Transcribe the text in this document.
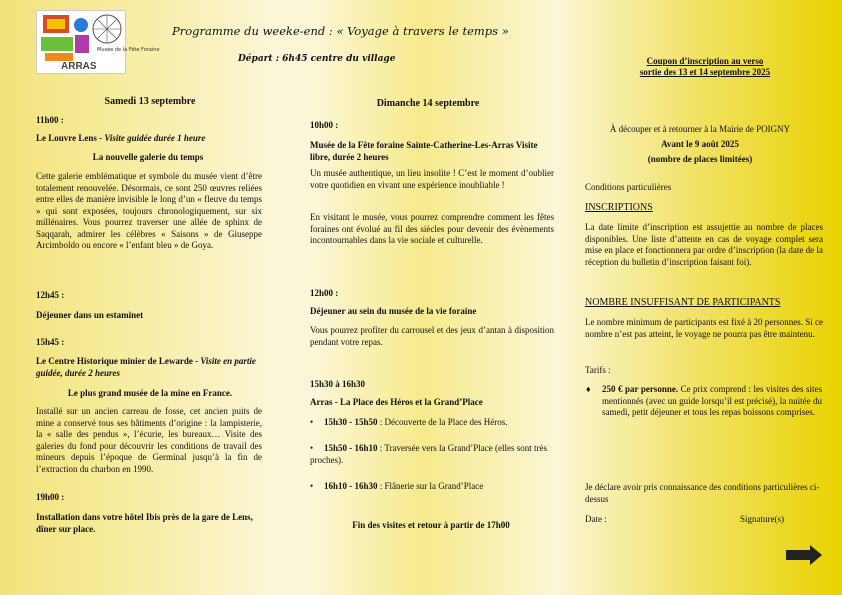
Musée de la Fête Foraine
ARRAS
Programme du weeke-end : « Voyage à travers le temps »
Départ : 6h45 centre du village
Samedi 13 septembre
11h00 :
Le Louvre Lens - Visite guidée durée 1 heure
La nouvelle galerie du temps
Cette galerie emblématique et symbole du musée vient d’être totalement renouvelée. Désormais, ce sont 250 œuvres reliées entre elles de manière invisible le long d’un « fleuve du temps » qui sont exposées, toujours chronologiquement, sur six millénaires. Vous pourrez traverser une allée de sphinx de Saqqarah, admirer les célèbres « Saisons » de Giuseppe Arcimboldo ou encore « l’enfant bleu » de Goya.
12h45 :
Déjeuner dans un estaminet
15h45 :
Le Centre Historique minier de Lewarde - Visite en partie guidée, durée 2 heures
Le plus grand musée de la mine en France.
Installé sur un ancien carreau de fosse, cet ancien puits de mine a conservé tous ses bâtiments d’origine : la lampisterie, la « salle des pendus », l’écurie, les bureaux… Visite des galeries du fond pour découvrir les conditions de travail des mineurs depuis l’époque de Germinal jusqu’à la fin de l’extraction du charbon en 1990.
19h00 :
Installation dans votre hôtel Ibis près de la gare de Lens, dîner sur place.
Dimanche 14 septembre
10h00 :
Musée de la Fête foraine Sainte-Catherine-Les-Arras Visite libre, durée 2 heures
Un musée authentique, un lieu insolite ! C’est le moment d’oublier votre quotidien en vivant une expérience inoubliable !
En visitant le musée, vous pourrez comprendre comment les fêtes foraines ont évolué au fil des siècles pour devenir des évènements incontournables dans la vie sociale et culturelle.
12h00 :
Déjeuner au sein du musée de la vie foraine
Vous pourrez profiter du carrousel et des jeux d’antan à disposition pendant votre repas.
15h30 à 16h30
Arras - La Place des Héros et la Grand’Place
• 15h30 - 15h50 : Découverte de la Place des Héros.
• 15h50 - 16h10 : Traversée vers la Grand’Place (elles sont très proches).
• 16h10 - 16h30 : Flânerie sur la Grand’Place
Fin des visites et retour à partir de 17h00
Coupon d’inscription au verso
sortie des 13 et 14 septembre 2025
À découper et à retourner à la Mairie de POIGNY
Avant le 9 août 2025
(nombre de places limitées)
Conditions particulières
INSCRIPTIONS
La date limite d’inscription est assujettie au nombre de places disponibles. Une liste d’attente en cas de voyage complet sera mise en place et fonctionnera par ordre d’inscription (la date de la réception du bulletin d’inscription faisant foi).
NOMBRE INSUFFISANT DE PARTICIPANTS
Le nombre minimum de participants est fixé à 20 personnes. Si ce nombre n’est pas atteint, le voyage ne pourra pas être maintenu.
Tarifs :
♦ 250 € par personne. Ce prix comprend : les visites des sites mentionnés (avec un guide lorsqu’il est précisé), la nuitée du samedi, petit déjeuner et tous les repas boissons comprises.
Je déclare avoir pris connaissance des conditions particulières ci-dessus
Date :	Signature(s)
